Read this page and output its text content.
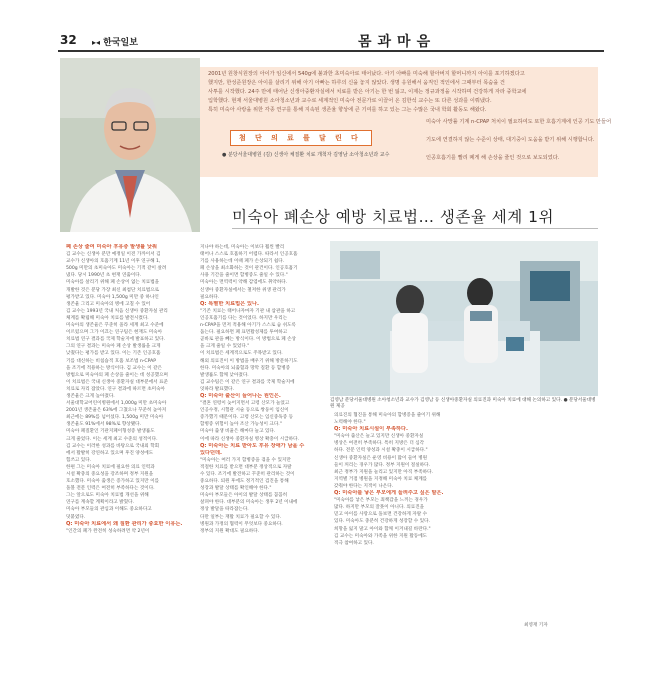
32 ▸◂ 한국일보	몸과마음
2001년 원창식원장의 아이가 임신에서 540g에 불과한 초미숙아로 태어났다. 아기 아빠를 미숙해 할아버지 할머니까지 아이를 포기하겠다고
했지만, 한성준원장은 아이를 살리기 위해 아기 아빠는 하루의 신을 놓지 않았다. 생명 응원해서 움직인 적인에서 그때부터 목숨을 건
사투를 시작했다. 24주 만에 태어난 신생아중환자실에서 치료를 받은 아기는 한 번 잃고, 이제는 정규과정을 시작하며 건강하게 자라 중학교에
입학했다. 현재 서울대병원 소아청소년과 교수로 세계적인 미숙아 전문가로 이끌어 온 김한석 교수는 또 다른 성과를 이뤄냈다.
특히 미숙아 사랑을 위한 각종 연구를 통해 지속된 생존율 향상에 큰 기여를 하고 있는 그는 수많은 국내 학회 활동도 해왔다.
미숙아 사망률 기계 n-CPAP 처치이 필요하여도 또한 호흡기계에 인공 기도 만들어
기도에 연결하지 않는 수준이 상태, 대기중이 도움을 받기 위해 시행합니다.
인공호흡기를 빨리 떼게 해 손상을 줄인 것으로 보도되었다.
첨 단 의 료 를 달 린 다
● 분당서울대병원 (김) 신생아 체질환 치료 개척자 김영남 소아청소년과 교수
미숙아 폐손상 예방 치료법… 생존율 세계 1위
폐 손상 줄여 미숙아 후유증 발생률 낮춰
김 교수는 신생아 분만 예정일 이전 가까이서 김
교수가 신생아의 호흡기계 11년 이후 연구해 1,
500g 미만의 초미숙아도 미숙아는 기적 같이 살려
냈다. 당시 1990년 초 현재 연출이다.
미숙아를 살리기 위해 폐 손상이 없는 치료법을
개발한 것은 분당 가장 최신 최첨단 치료법으로
평가받고 있다. 미숙아 1,500g 미만 중 하나인
생존율 그리고 미숙아의 병에 고칠 수 있어
김 교수는 1993년 국내 처음 신생아 중환자실 관리
체계를 확립해 미숙아 치료를 발전시켰다.
미숙아의 생존율은 꾸준히 올라 세계 최고 수준에
이르렀으며 그가 이끄는 연구팀은 현재도 미숙아
치료법 연구 결과를 국제 학술지에 발표하고 있다.
그의 연구 결과는 미숙아 폐 손상 발생률을 크게
낮췄다는 평가를 받고 있다. 이는 기존 인공호흡
기를 대신하는 비침습적 호흡 보조법 n-CPAP
을 조기에 적용하는 방식이다. 김 교수는 이 같은
방법으로 미숙아의 폐 손상을 줄이는 데 성공했으며
이 치료법은 국내 신생아 중환자실 대부분에서 표준
치료로 자리 잡았다. 연구 결과에 따르면 초미숙아
생존율은 크게 높아졌다.
서울대학교어린이병원에서 1,000g 미만 초미숙아
2001년 생존율은 63%에 그쳤으나 꾸준히 높아져
최근에는 89%를 넘어섰다. 1,500g 미만 미숙아
생존율도 91%에서 98%로 향상됐다.
미숙아 폐질환인 기관지폐이형성증 발생률도
크게 줄었다. 이는 세계 최고 수준의 성적이다.
김 교수는 이러한 성과를 바탕으로 국내외 학회
에서 활발히 강연하고 있으며 후진 양성에도
힘쓰고 있다.
한편 그는 미숙아 치료에 필요한 의료 인력과
시설 확충의 중요성을 강조하며 정부 지원을
호소했다. 미숙아 출생은 증가하고 있지만 이를
돌볼 전문 인력은 여전히 부족하다는 것이다.
그는 앞으로도 미숙아 치료법 개선을 위해
연구를 계속할 계획이라고 밝혔다.
미숙아 부모들의 관심과 이해도 중요하다고
덧붙였다.
Q: 미숙아 치료에서 왜 질환 관리가 중요한 이유는.
"인간의 폐가 완전히 성숙하려면 약 2년이
지나야 하는데, 미숙아는 이보다 훨씬 빨리
태어나 스스로 호흡하기 어렵다. 따라서 인공호흡
기를 사용하는데 이때 폐가 손상되기 쉽다.
폐 손상을 최소화하는 것이 관건이다. 인공호흡기
사용 기간을 줄이면 합병증도 줄일 수 있다."
미숙아는 면역력이 약해 감염에도 취약하다.
신생아 중환자실에서는 철저한 위생 관리가
필요하다.
Q: 특별한 치료법은 있나.
"기존 치료는 태어나자마자 기관 내 삽관을 하고
인공호흡기를 다는 것이었다. 하지만 우리는
n-CPAP을 먼저 적용해 아기가 스스로 숨 쉬도록
돕는다. 필요하면 폐 표면활성제를 투여하고
곧바로 관을 빼는 방식이다. 이 방법으로 폐 손상
을 크게 줄일 수 있었다."
이 치료법은 세계적으로도 주목받고 있다.
해외 의료진이 이 방법을 배우기 위해 방문하기도
한다. 미숙아의 뇌출혈과 망막 질환 등 합병증
발생률도 함께 낮아졌다.
김 교수팀은 이 같은 연구 결과를 국제 학술지에
잇따라 발표했다.
Q: 미숙아 출산이 늘어나는 원인은.
"결혼 연령이 늦어지면서 고령 산모가 늘었고
인공수정, 시험관 시술 등으로 쌍둥이 임신이
증가했기 때문이다. 고령 산모는 임신중독증 등
합병증 위험이 높아 조산 가능성이 크다."
미숙아 출생 비율은 해마다 늘고 있다.
이에 따라 신생아 중환자실 병상 확충이 시급하다.
Q: 미숙아는 치료 받아도 후유 장애가 남을 수
있다던데.
"미숙아는 여러 가지 합병증을 겪을 수 있지만
적절한 치료를 받으면 대부분 정상적으로 자랄
수 있다. 조기에 발견하고 꾸준히 관리하는 것이
중요하다. 퇴원 후에도 정기적인 검진을 통해
성장과 발달 상태를 확인해야 한다."
미숙아 부모들은 아이의 발달 상태를 꼼꼼히
살펴야 한다. 대부분의 미숙아는 생후 2년 이내에
정상 발달을 따라잡는다.
다만 일부는 재활 치료가 필요할 수 있다.
병원과 가정의 협력이 무엇보다 중요하다.
정부의 지원 확대도 필요하다.
의료진의 협진을 통해 미숙아의 합병증을 줄이기 위해
노력해야 한다."
Q: 미숙아 치료시설이 부족하다.
"미숙아 출산은 늘고 있지만 신생아 중환자실
병상은 여전히 부족하다. 특히 지방은 더 심각
하다. 전문 인력 양성과 시설 확충이 시급하다."
신생아 중환자실은 운영 비용이 많이 들어 병원
들이 꺼리는 경우가 많다. 정부 지원이 절실하다.
최근 정부가 지원을 늘리고 있지만 아직 부족하다.
지역별 거점 병원을 지정해 미숙아 치료 체계를
갖춰야 한다는 지적이 나온다.
Q: 미숙아를 낳은 부모에게 들려주고 싶은 말은.
"미숙아를 낳은 부모는 죄책감을 느끼는 경우가
많다. 하지만 부모의 잘못이 아니다. 의료진을
믿고 아이를 사랑으로 돌보면 건강하게 자랄 수
있다. 미숙아도 충분히 건강하게 성장할 수 있다.
희망을 잃지 말고 아이와 함께 이겨내길 바란다."
김 교수는 미숙아와 가족을 위한 지원 활동에도
적극 참여하고 있다.
김영남 분당서울대병원 소아청소년과 교수가 김영남 등 신생아중환자실 의료진과 미숙아 치료에 대해 논의하고 있다. ● 분당서울대병원 제공
최영재 기자
